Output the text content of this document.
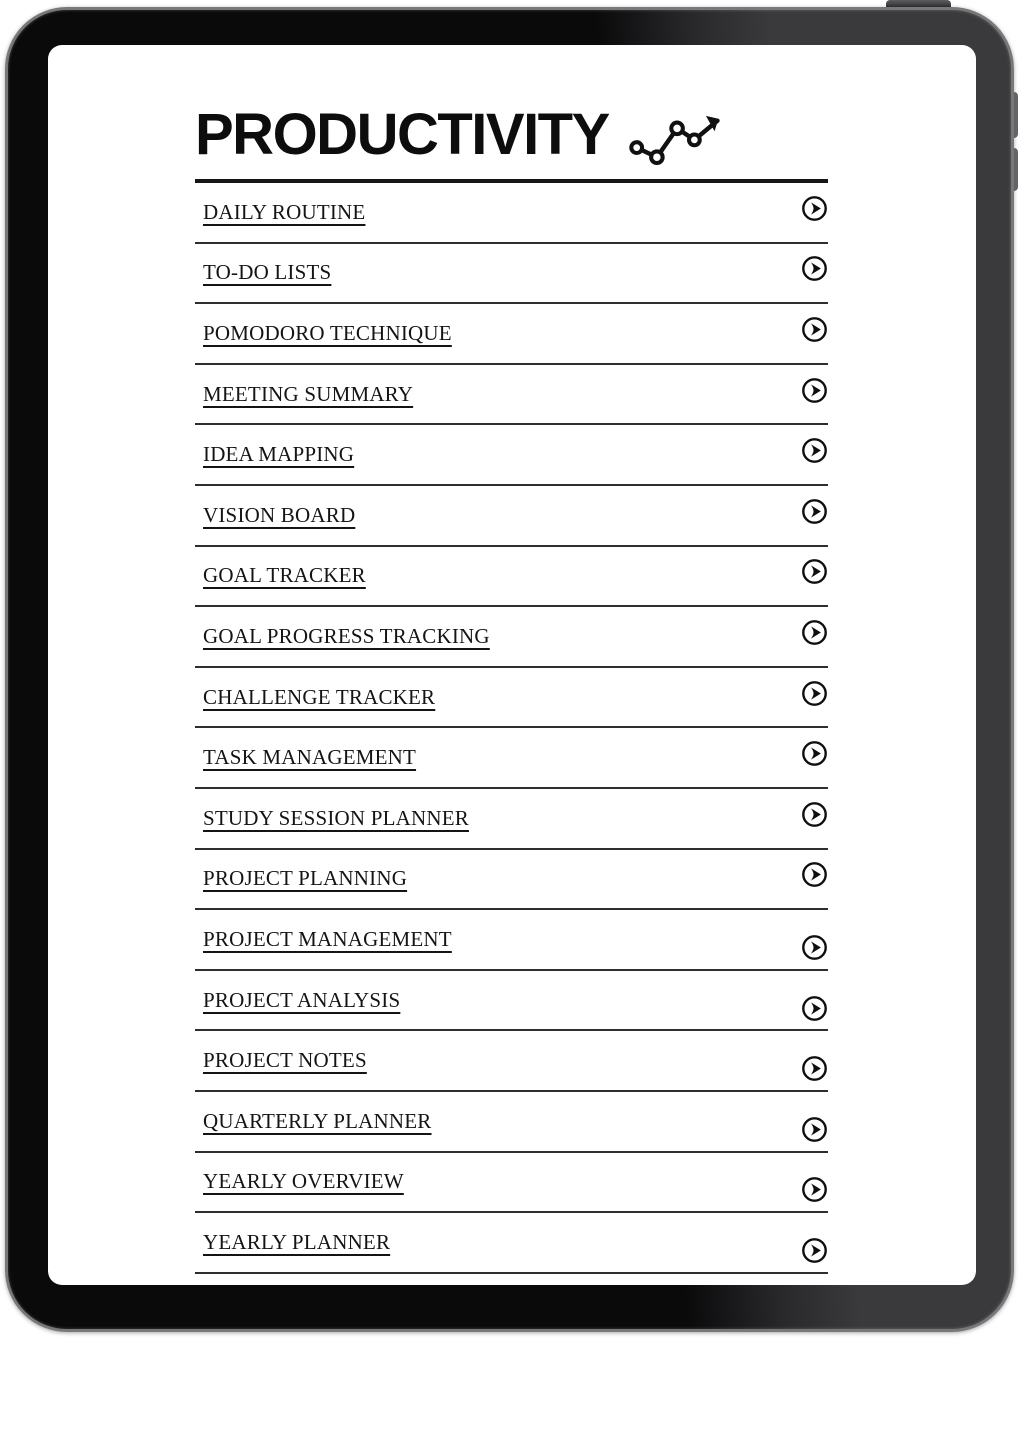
PRODUCTIVITY
DAILY ROUTINE
TO-DO LISTS
POMODORO TECHNIQUE
MEETING SUMMARY
IDEA MAPPING
VISION BOARD
GOAL TRACKER
GOAL PROGRESS TRACKING
CHALLENGE TRACKER
TASK MANAGEMENT
STUDY SESSION PLANNER
PROJECT PLANNING
PROJECT MANAGEMENT
PROJECT ANALYSIS
PROJECT NOTES
QUARTERLY PLANNER
YEARLY OVERVIEW
YEARLY PLANNER
